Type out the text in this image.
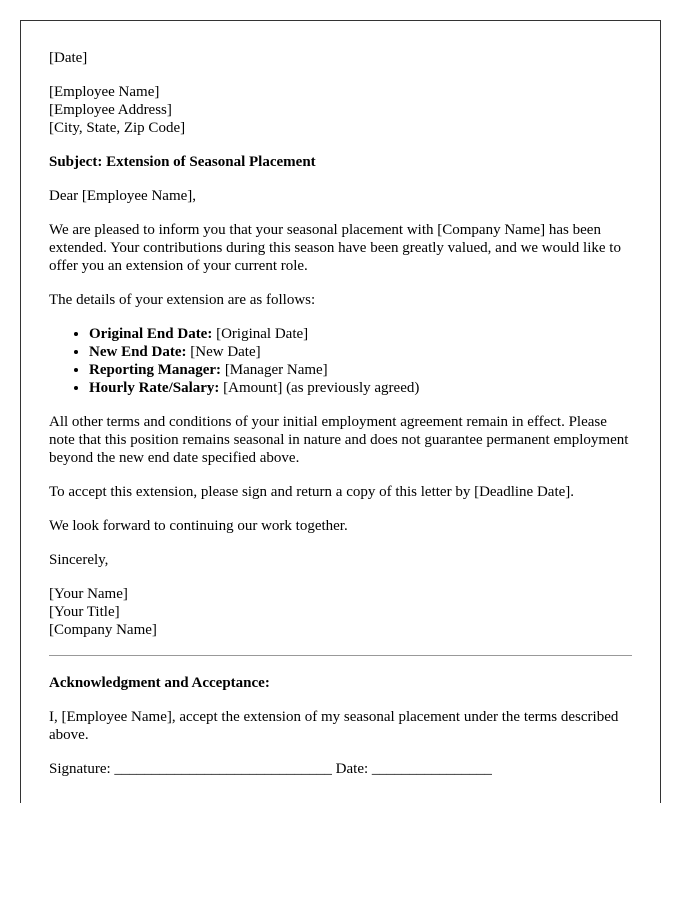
[Date]

[Employee Name]
[Employee Address]
[City, State, Zip Code]

Subject: Extension of Seasonal Placement

Dear [Employee Name],

We are pleased to inform you that your seasonal placement with [Company Name] has been extended. Your contributions during this season have been greatly valued, and we would like to offer you an extension of your current role.

The details of your extension are as follows:

• Original End Date: [Original Date]
• New End Date: [New Date]
• Reporting Manager: [Manager Name]
• Hourly Rate/Salary: [Amount] (as previously agreed)

All other terms and conditions of your initial employment agreement remain in effect. Please note that this position remains seasonal in nature and does not guarantee permanent employment beyond the new end date specified above.

To accept this extension, please sign and return a copy of this letter by [Deadline Date].

We look forward to continuing our work together.

Sincerely,

[Your Name]
[Your Title]
[Company Name]

Acknowledgment and Acceptance:

I, [Employee Name], accept the extension of my seasonal placement under the terms described above.

Signature: _____________________________ Date: ________________
